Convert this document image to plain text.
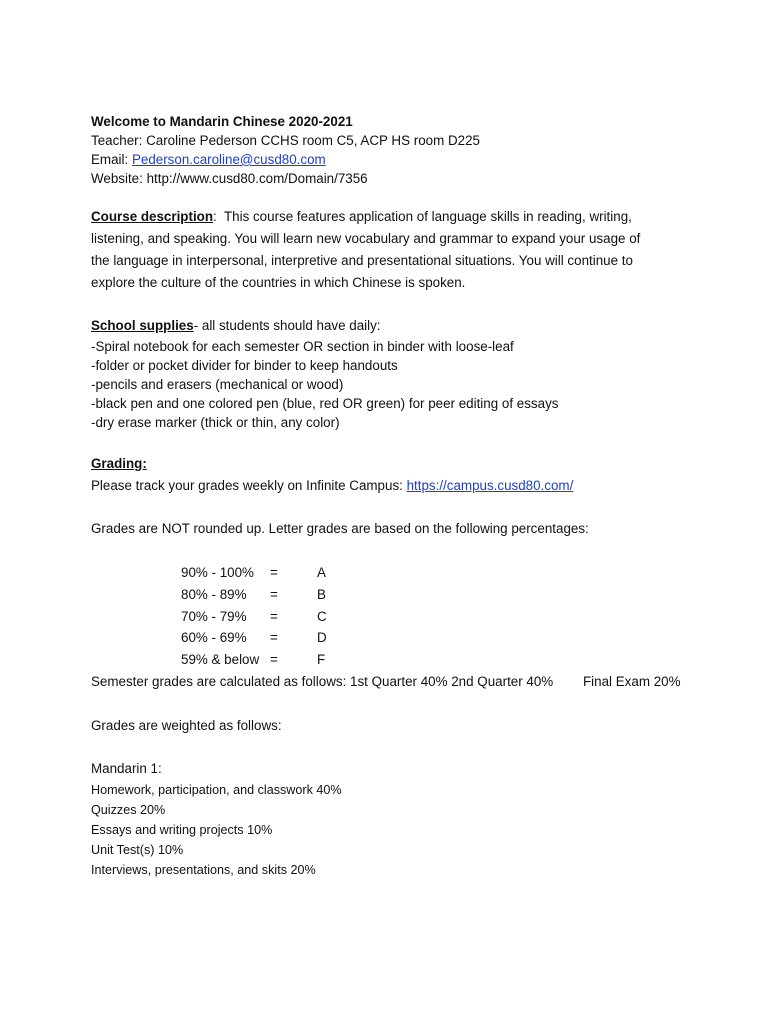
Welcome to Mandarin Chinese 2020-2021
Teacher: Caroline Pederson CCHS room C5, ACP HS room D225
Email: Pederson.caroline@cusd80.com
Website: http://www.cusd80.com/Domain/7356
Course description: This course features application of language skills in reading, writing,
listening, and speaking. You will learn new vocabulary and grammar to expand your usage of
the language in interpersonal, interpretive and presentational situations. You will continue to
explore the culture of the countries in which Chinese is spoken.
School supplies- all students should have daily:
-Spiral notebook for each semester OR section in binder with loose-leaf
-folder or pocket divider for binder to keep handouts
-pencils and erasers (mechanical or wood)
-black pen and one colored pen (blue, red OR green) for peer editing of essays
-dry erase marker (thick or thin, any color)
Grading:
Please track your grades weekly on Infinite Campus: https://campus.cusd80.com/
Grades are NOT rounded up. Letter grades are based on the following percentages:
90% - 100% =	A
80% - 89% =	B
70% - 79% =	C
60% - 69% =	D
59% & below =	F
Semester grades are calculated as follows: 1st Quarter 40% 2nd Quarter 40% Final Exam 20%
Grades are weighted as follows:
Mandarin 1:
Homework, participation, and classwork 40%
Quizzes 20%
Essays and writing projects 10%
Unit Test(s) 10%
Interviews, presentations, and skits 20%
